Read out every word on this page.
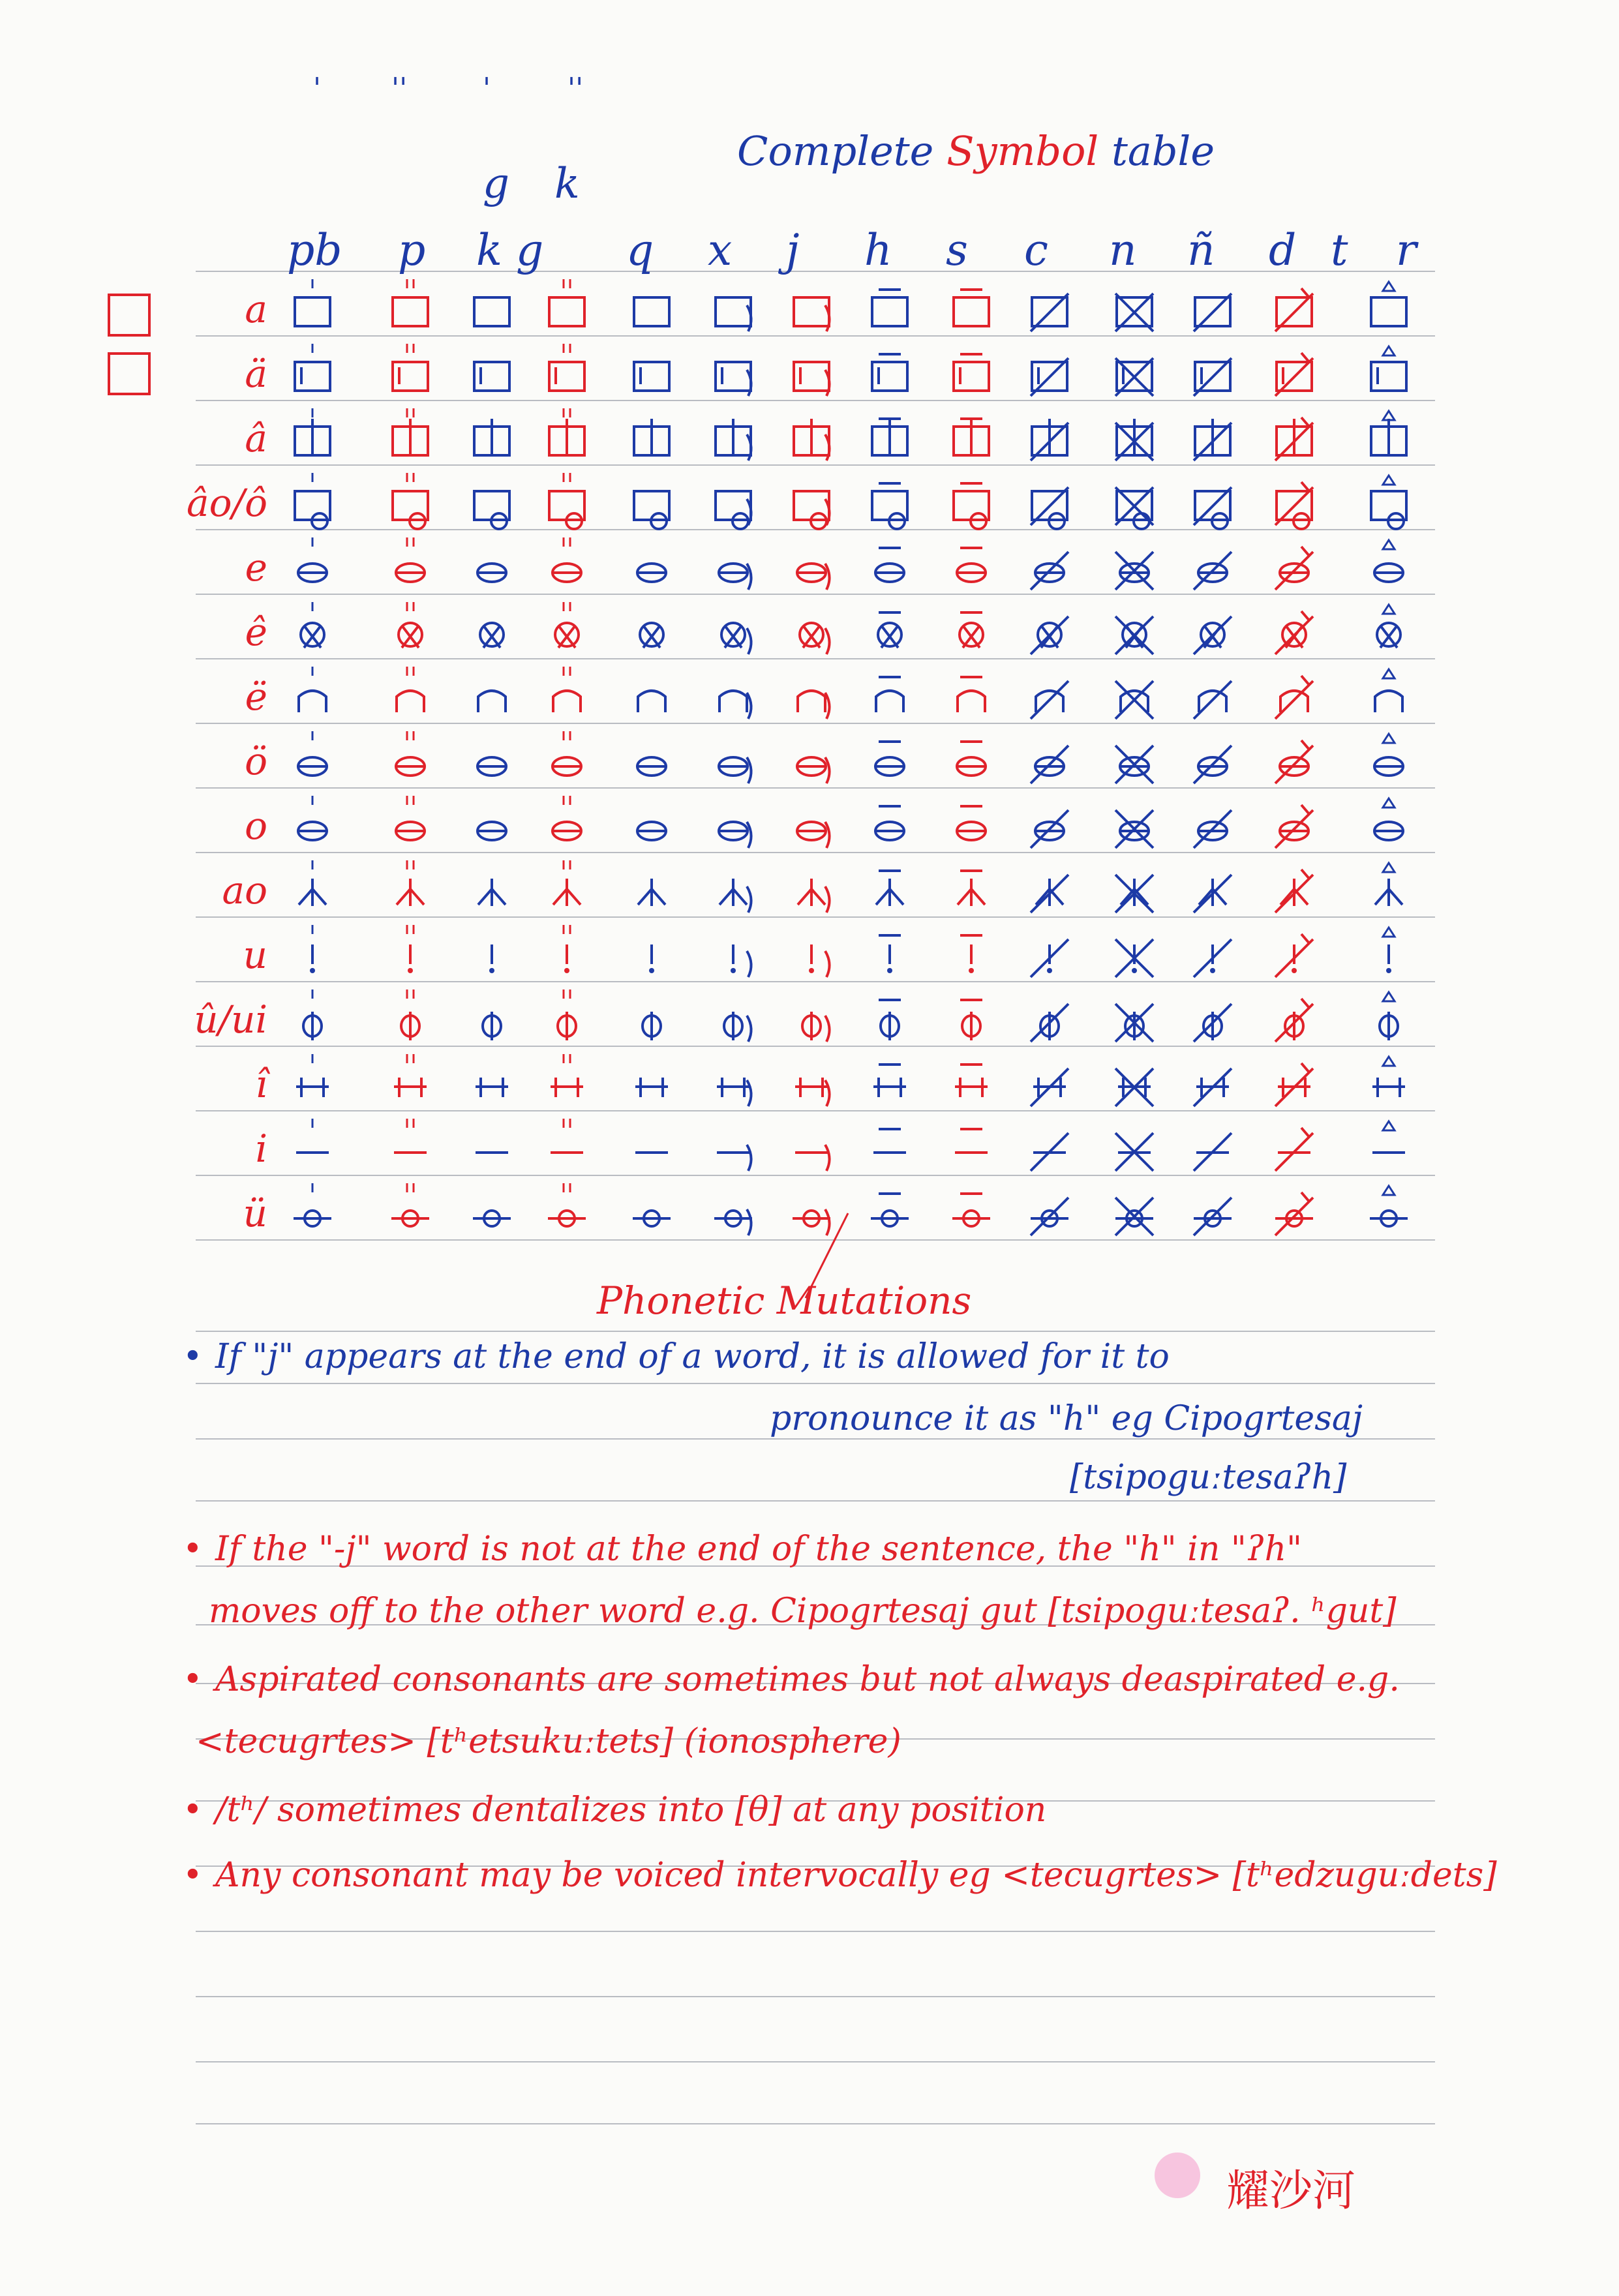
' ''	'	''
Complete Symbol table
g k
pb p k g q x j h s c n ñ d t r
a
ä
â
âo/ô
e
ê
ë
ö
o
ao
u
û/ui
î
i
ü
Phonetic Mutations
• If "j" appears at the end of a word, it is allowed for it to
pronounce it as "h" eg Cipogrtesaj
[tsipoguːtesaʔh]
• If the "-j" word is not at the end of the sentence, the "h" in "ʔh"
moves off to the other word e.g. Cipogrtesaj gut [tsipoguːtesaʔ. ʰgut]
• Aspirated consonants are sometimes but not always deaspirated e.g.
<tecugrtes> [tʰetsukuːtets] (ionosphere)
• /tʰ/ sometimes dentalizes into [θ] at any position
• Any consonant may be voiced intervocally eg <tecugrtes> [tʰedzuguːdets]
耀沙河
